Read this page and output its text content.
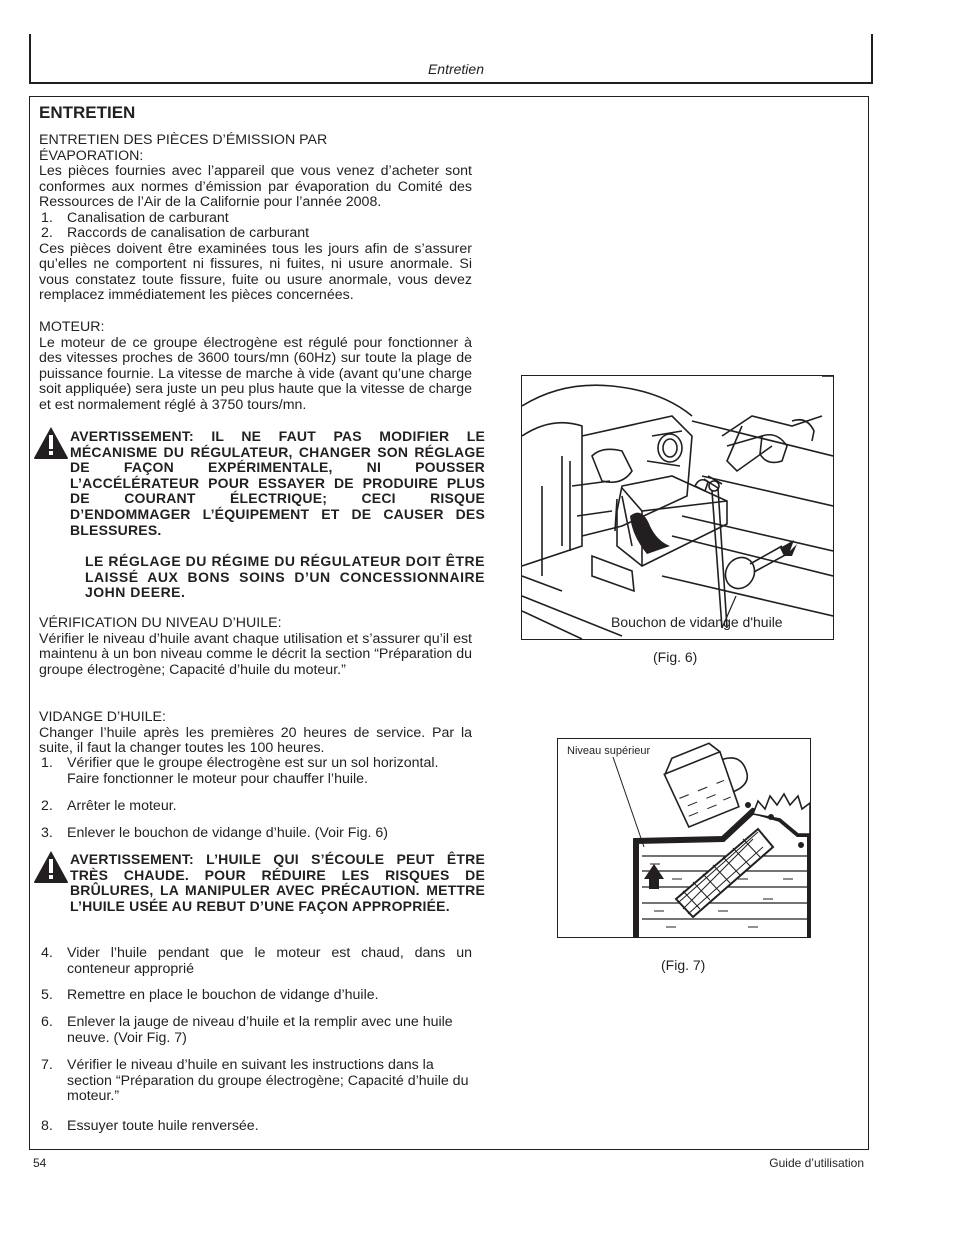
Entretien
ENTRETIEN

ENTRETIEN DES PIÈCES D’ÉMISSION PAR

ÉVAPORATION:

Les pièces fournies avec l’appareil que vous venez d’acheter sont conformes aux normes d’émission par évaporation du Comité des Ressources de l’Air de la Californie pour l’année 2008.

1. Canalisation de carburant
2. Raccords de canalisation de carburant

Ces pièces doivent être examinées tous les jours afin de s’assurer qu’elles ne comportent ni fissures, ni fuites, ni usure anormale. Si vous constatez toute fissure, fuite ou usure anormale, vous devez remplacez immédiatement les pièces concernées.

MOTEUR:

Le moteur de ce groupe électrogène est régulé pour fonctionner à des vitesses proches de 3600 tours/mn (60Hz) sur toute la plage de puissance fournie. La vitesse de marche à vide (avant qu’une charge soit appliquée) sera juste un peu plus haute que la vitesse de charge et est normalement réglé à 3750 tours/mn.

AVERTISSEMENT: IL NE FAUT PAS MODIFIER LE MÉCANISME DU RÉGULATEUR, CHANGER SON RÉGLAGE DE FAÇON EXPÉRIMENTALE, NI POUSSER L’ACCÉLÉRATEUR POUR ESSAYER DE PRODUIRE PLUS DE COURANT ÉLECTRIQUE; CECI RISQUE D’ENDOMMAGER L’ÉQUIPEMENT ET DE CAUSER DES BLESSURES.
LE RÉGLAGE DU RÉGIME DU RÉGULATEUR DOIT ÊTRE LAISSÉ AUX BONS SOINS D’UN CONCESSIONNAIRE JOHN DEERE.

VÉRIFICATION DU NIVEAU D’HUILE:

Vérifier le niveau d’huile avant chaque utilisation et s’assurer qu’il est maintenu à un bon niveau comme le décrit la section “Préparation du groupe électrogène; Capacité d’huile du moteur.”

VIDANGE D’HUILE:

Changer l’huile après les premières 20 heures de service. Par la suite, il faut la changer toutes les 100 heures.

1. Vérifier que le groupe électrogène est sur un sol horizontal. Faire fonctionner le moteur pour chauffer l’huile.
2. Arrêter le moteur.
3. Enlever le bouchon de vidange d’huile. (Voir Fig. 6)
AVERTISSEMENT: L’HUILE QUI S’ÉCOULE PEUT ÊTRE TRÈS CHAUDE. POUR RÉDUIRE LES RISQUES DE BRÛLURES, LA MANIPULER AVEC PRÉCAUTION. METTRE L’HUILE USÉE AU REBUT D’UNE FAÇON APPROPRIÉE.
4. Vider l’huile pendant que le moteur est chaud, dans un conteneur approprié
5. Remettre en place le bouchon de vidange d’huile.
6. Enlever la jauge de niveau d’huile et la remplir avec une huile neuve. (Voir Fig. 7)
7. Vérifier le niveau d’huile en suivant les instructions dans la section “Préparation du groupe électrogène; Capacité d’huile du moteur.”
8. Essuyer toute huile renversée.
Bouchon de vidange d'huile
(Fig. 6)
Niveau supérieur
(Fig. 7)
54	Guide d’utilisation
